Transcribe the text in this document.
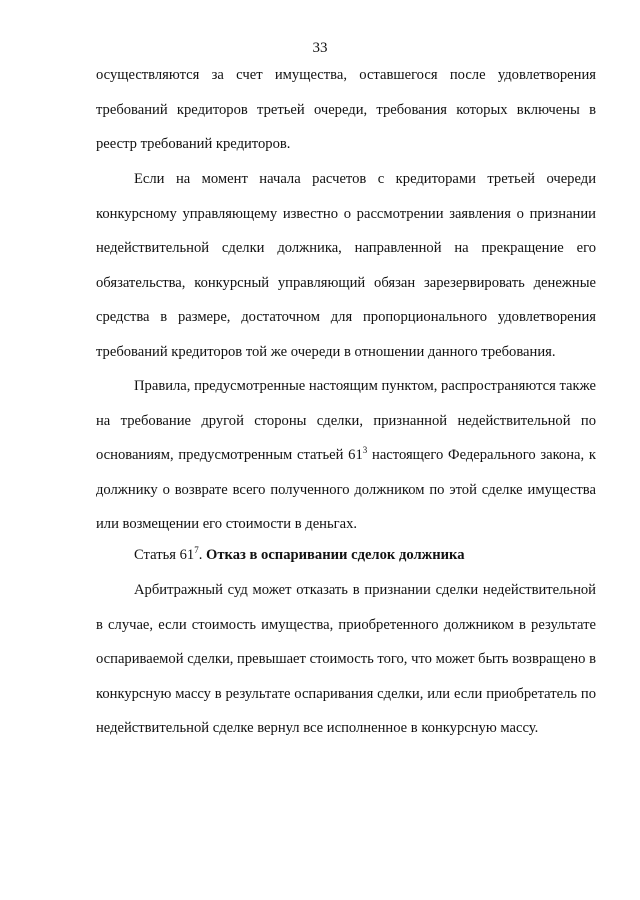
33

осуществляются за счет имущества, оставшегося после удовлетворения требований кредиторов третьей очереди, требования которых включены в реестр требований кредиторов.

Если на момент начала расчетов с кредиторами третьей очереди конкурсному управляющему известно о рассмотрении заявления о признании недействительной сделки должника, направленной на прекращение его обязательства, конкурсный управляющий обязан зарезервировать денежные средства в размере, достаточном для пропорционального удовлетворения требований кредиторов той же очереди в отношении данного требования.

Правила, предусмотренные настоящим пунктом, распространяются также на требование другой стороны сделки, признанной недействительной по основаниям, предусмотренным статьей $61^3$ настоящего Федерального закона, к должнику о возврате всего полученного должником по этой сделке имущества или возмещении его стоимости в деньгах.

Статья $61^7$. Отказ в оспаривании сделок должника

Арбитражный суд может отказать в признании сделки недействительной в случае, если стоимость имущества, приобретенного должником в результате оспариваемой сделки, превышает стоимость того, что может быть возвращено в конкурсную массу в результате оспаривания сделки, или если приобретатель по недействительной сделке вернул все исполненное в конкурсную массу.
